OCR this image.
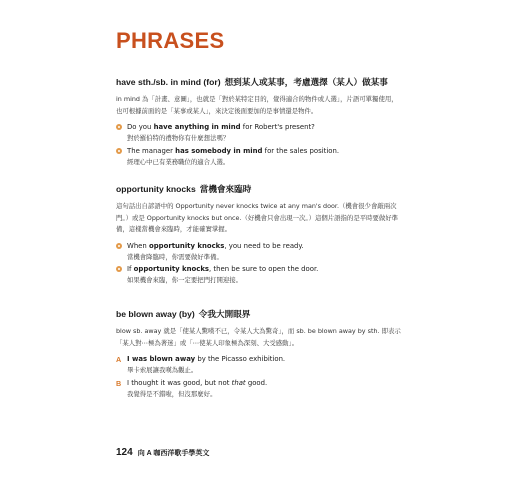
PHRASES
have sth./sb. in mind (for) 想到某人或某事，考慮選擇（某人）做某事
in mind 為「計畫、意圖」，也就是「對於某特定目的，覺得適合的物件或人選」，片語可單獨使用，也可根據前面的是「某事或某人」，來決定後面要加的是事情還是物件。
Do you have anything in mind for Robert's present?
對於羅伯特的禮物你有什麼想法嗎？
The manager has somebody in mind for the sales position.
經理心中已有業務職位的適合人選。
opportunity knocks 當機會來臨時
這句話出自諺語中的 Opportunity never knocks twice at any man's door.（機會很少會敲兩次門。）或是 Opportunity knocks but once.（好機會只會出現一次。）這個片語指的是平時要做好準備，這樣當機會來臨時，才能確實掌握。
When opportunity knocks, you need to be ready.
當機會降臨時，你需要做好準備。
If opportunity knocks, then be sure to open the door.
如果機會來臨，你一定要把門打開迎接。
be blown away (by) 令我大開眼界
blow sb. away 就是「使某人驚嘆不已，令某人大為驚奇」，而 sb. be blown away by sth. 即表示「某人對⋯極為著迷」或「⋯使某人印象極為深刻、大受感動」。
A I was blown away by the Picasso exhibition.
畢卡索展讓我嘆為觀止。
B I thought it was good, but not that good.
我覺得是不錯啦，但沒那麼好。
124 向 A 咖西洋歌手學英文
